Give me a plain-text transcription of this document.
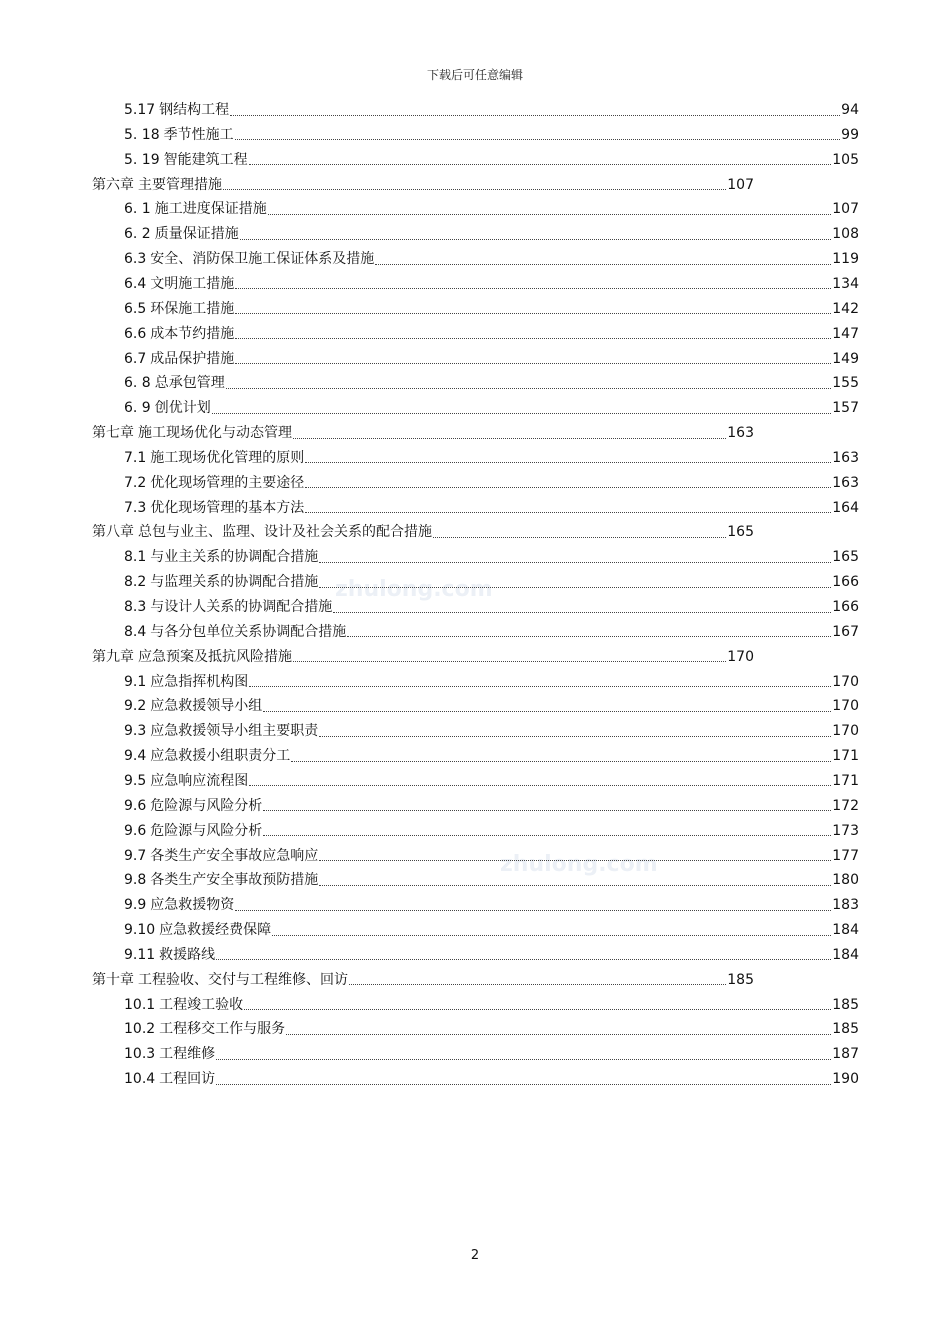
下载后可任意编辑
zhulong.com
zhulong.com
5.17 钢结构工程	94
5. 18 季节性施工	99
5. 19 智能建筑工程	105
第六章 主要管理措施	107
6. 1 施工进度保证措施	107
6. 2 质量保证措施	108
6.3 安全、消防保卫施工保证体系及措施	119
6.4 文明施工措施	134
6.5 环保施工措施	142
6.6 成本节约措施	147
6.7 成品保护措施	149
6. 8 总承包管理	155
6. 9 创优计划	157
第七章 施工现场优化与动态管理	163
7.1 施工现场优化管理的原则	163
7.2 优化现场管理的主要途径	163
7.3 优化现场管理的基本方法	164
第八章 总包与业主、监理、设计及社会关系的配合措施	165
8.1 与业主关系的协调配合措施	165
8.2 与监理关系的协调配合措施	166
8.3 与设计人关系的协调配合措施	166
8.4 与各分包单位关系协调配合措施	167
第九章 应急预案及抵抗风险措施	170
9.1 应急指挥机构图	170
9.2 应急救援领导小组	170
9.3 应急救援领导小组主要职责	170
9.4 应急救援小组职责分工	171
9.5 应急响应流程图	171
9.6 危险源与风险分析	172
9.6 危险源与风险分析	173
9.7 各类生产安全事故应急响应	177
9.8 各类生产安全事故预防措施	180
9.9 应急救援物资	183
9.10 应急救援经费保障	184
9.11 救援路线	184
第十章 工程验收、交付与工程维修、回访	185
10.1 工程竣工验收	185
10.2 工程移交工作与服务	185
10.3 工程维修	187
10.4 工程回访	190
2
